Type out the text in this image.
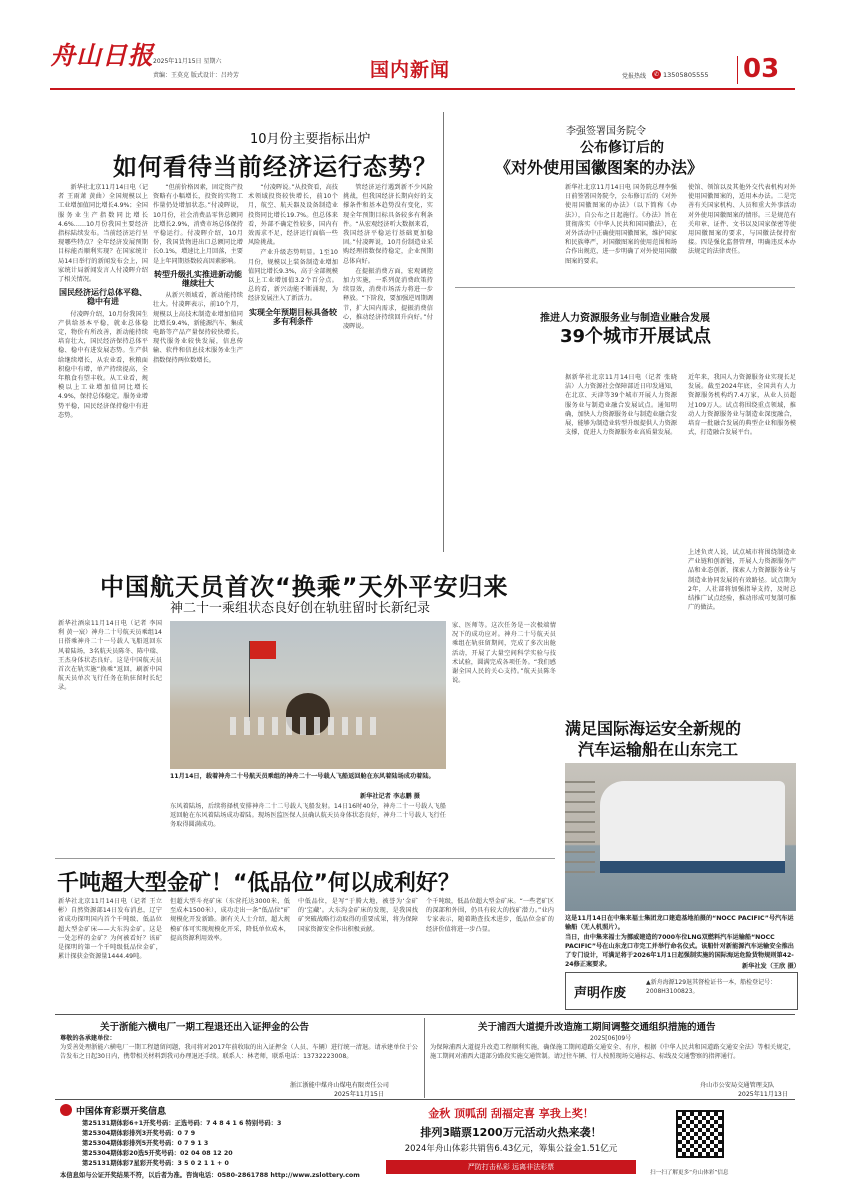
舟山日报
2025年11月15日 星期六
责编：王莫克 版式设计：吕玲芳	国内新闻	✆
党报热线	13505805555 03
10月份主要指标出炉
如何看待当前经济运行态势？

新华社北京11月14日电（记者 王雨萧 黄曲）全国规模以上工业增加值同比增长4.9%；全国服务业生产指数同比增长4.6%……10月份我国主要经济指标陆续发布。当前经济运行呈现哪些特点？全年经济发展预期目标能否顺利实现？在国家统计局14日举行的新闻发布会上，国家统计局新闻发言人付凌晖介绍了相关情况。

国民经济运行总体平稳、稳中有进

付凌晖介绍，10月份我国生产供给基本平稳，就业总体稳定，物价有所改善，新动能持续培育壮大，国民经济保持总体平稳、稳中有进发展态势。生产供给继续增长，从农业看，秋粮面积稳中有增，单产持续提高，全年粮食有望丰收。从工业看，规模以上工业增加值同比增长4.9%，保持总体稳定。服务业增势平稳，国民经济保持稳中有进态势。

“但前价格因素，固定资产投资略有小幅增长，投资的实物工作量仍处增加状态。”付凌晖说，10月份，社会消费品零售总额同比增长2.9%，消费市场总体保持平稳运行。付凌晖介绍，10月份，我国货物进出口总额同比增长0.1%，增速比上月回落，主要是上年同期基数较高因素影响。

转型升级扎实推进新动能继续壮大

从新兴领域看，新动能持续壮大。付凌晖表示，前10个月，规模以上高技术制造业增加值同比增长9.4%，新能源汽车、集成电路等产品产量保持较快增长。现代服务业较快发展，信息传输、软件和信息技术服务业生产指数保持两位数增长。

“付凌晖说。”从投资看，高技术领域投资较快增长，前10个月，航空、航天器及设备制造业投资同比增长19.7%。但总体来看，外部不确定性较多，国内有效需求不足，经济运行面临一些风险挑战。

产业升级态势明显。1至10月份，规模以上装备制造业增加值同比增长9.3%，高于全部规模以上工业增加值3.2个百分点。总的看，新兴动能不断涌现，为经济发展注入了新活力。

实现全年预期目标具备较多有利条件

管经济运行遇到新不少风险挑战，但我国经济长期向好的支撑条件和基本趋势没有变化，实现全年预期目标具备较多有利条件。“从宏观经济听大数据来看，我国经济平稳运行基础更加稳固。”付凌晖说，10月份制造业采购经理指数保持稳定，企业预期总体向好。

在提振消费方面，宏观调控加力实施，一系列促消费政策持续显效，消费市场活力将进一步释放。“下阶段，要加强逆周期调节，扩大国内需求，提振消费信心，推动经济持续回升向好。”付凌晖说。

李强签署国务院令
公布修订后的
《对外使用国徽图案的办法》
新华社北京11月14日电 国务院总理李强日前签署国务院令，公布修订后的《对外使用国徽图案的办法》（以下简称《办法》），自公布之日起施行。《办法》旨在贯彻落实《中华人民共和国国徽法》，在对外活动中正确使用国徽图案，维护国家和民族尊严，对国徽图案的使用范围和场合作出规范，进一步明确了对外使用国徽图案的要求。
使馆、领馆以及其他外交代表机构对外使用国徽图案的，适用本办法。二是完善有关国家机构、人员和重大外事活动对外使用国徽图案的情形。三是规范有关印章、证件、文书以及国家保密等使用国徽图案的要求，与国徽法保持衔接。四是强化监督管理，明确违反本办法规定的法律责任。
推进人力资源服务业与制造业融合发展
39个城市开展试点
据新华社北京11月14日电（记者 张晓洁）人力资源社会保障部近日印发通知，在北京、天津等39个城市开展人力资源服务业与制造业融合发展试点。通知明确，加快人力资源服务业与制造业融合发展，能够为制造业转型升级提供人力资源支撑，促进人力资源服务业高质量发展。
近年来，我国人力资源服务业实现长足发展。截至2024年底，全国共有人力资源服务机构约7.4万家，从业人员超过109万人。试点将围绕重点领域，推动人力资源服务业与制造业深度融合，培育一批融合发展的典型企业和服务模式，打造融合发展平台。
上述负责人说，试点城市将围绕制造业产业链和创新链，开展人力资源服务产品和业态创新，探索人力资源服务业与制造业协同发展的有效路径。试点期为2年，人社部将加强指导支持，及时总结推广试点经验，推动形成可复制可推广的做法。
中国航天员首次“换乘”天外平安归来
神二十一乘组状态良好创在轨驻留时长新纪录
新华社酒泉11月14日电（记者 李国利 黄一宸）神舟二十号航天员乘组14日搭乘神舟二十一号载人飞船返回东风着陆场，3名航天员陈冬、陈中瑞、王杰身体状态良好。这是中国航天员首次在轨实施“换乘”返回，刷新中国航天员单次飞行任务在轨驻留时长纪录。
11月14日，载着神舟二十号航天员乘组的神舟二十一号载人飞船返回舱在东风着陆场成功着陆。
新华社记者 李志鹏 摄
东风着陆场，后续将择机安排神舟二十二号载人飞船发射。14日16时40分，神舟二十一号载人飞船返回舱在东风着陆场成功着陆。现场医监医保人员确认航天员身体状态良好，神舟二十号载人飞行任务取得圆满成功。
家、医师等。这次任务是一次极端情况下的成功应对。神舟二十号航天员乘组在轨驻留期间，完成了多次出舱活动，开展了大量空间科学实验与技术试验，圆满完成各项任务。“我们感谢全国人民的关心支持。”航天员陈冬说。
满足国际海运安全新规的
汽车运输船在山东完工
这是11月14日在中集来福士集团龙口建造基地拍摄的“NOCC PACIFIC”号汽车运输船（无人机照片）。
当日，由中集来福士为挪威建造的7000车位LNG双燃料汽车运输船“NOCC PACIFIC”号在山东龙口市完工并举行命名仪式。该船针对新能源汽车运输安全推出了专门设计，可满足将于2026年1月1日起强制实施的国际海运危险货物规则第42-24修正案要求。	新华社发（王欣 摄）
千吨超大型金矿！“低品位”何以成利好？
新华社北京11月14日电（记者 王立彬）自然资源部14日发布消息，辽宁省成功探明国内首个千吨级、低品位超大型金矿床——大东沟金矿。这是一处怎样的金矿？为何被看好？该矿是探明的第一个千吨级低品位金矿，累计探获金资源量1444.49吨。
但超大型斗亮矿床（东营托达3000米，低至成本1500米），成功走出一条“低品位”矿规模化开发新路。据有关人士介绍，超大规模矿体可实现规模化开采，降低单位成本，提高资源利用效率。
中低品位，是写“于腾大地，被誉为‘金矿的‘宝藏’。大东沟金矿床的发现，是我国找矿突破战略行动取得的重要成果，将为保障国家资源安全作出积极贡献。
个千吨级，低品位超大型金矿床。“一些老矿区的深部和外围，仍具有较大的找矿潜力。”业内专家表示，随着勘查技术进步，低品位金矿的经济价值将进一步凸显。
声明作废
▲新舟海源129退其督检证书一本，船检登记号：2008H3100823。
关于浙能六横电厂一期工程退还出入证押金的公告
尊敬的各承建单位：
为妥善处理浙能六横电厂一期工程遗留问题，我司将对2017年前收取的出入证押金（人员、车辆）进行统一清退。请承建单位于公告发布之日起30日内，携带相关材料到我司办理退还手续。联系人：林老师，联系电话：13732223008。
浙江浙能中煤舟山煤电有限责任公司
2025年11月15日
关于浦西大道提升改造施工期间调整交通组织措施的通告
2025[06]09号
为保障浦西大道提升改造工程顺利实施，确保施工期间道路交通安全、有序，根据《中华人民共和国道路交通安全法》等相关规定，施工期间对浦西大道部分路段实施交通管制。请过往车辆、行人按照现场交通标志、标线及交通警察的指挥通行。
舟山市公安局交通管理支队
2025年11月13日
中国体育彩票开奖信息
第25131期体彩6+1开奖号码：正选号码：7 4 8 4 1 6 特别号码：3
第25304期体彩排列3开奖号码：0 7 9
第25304期体彩排列5开奖号码：0 7 9 1 3
第25304期体彩20选5开奖号码：02 04 08 12 20
第25131期体彩7星彩开奖号码：3 5 0 2 1 1 + 0
本信息如与公证开奖结果不符，以后者为准。咨询电话：0580-2861788 http://www.zslottery.com
金秋 顶呱刮 刮福定喜 享我上奖！
排列3瞄票1200万元活动火热来袭！
2024年舟山体彩共销售6.43亿元，筹集公益金1.51亿元
严防打击私彩 远离非法彩票
扫一扫了解更多“舟山体彩”信息
